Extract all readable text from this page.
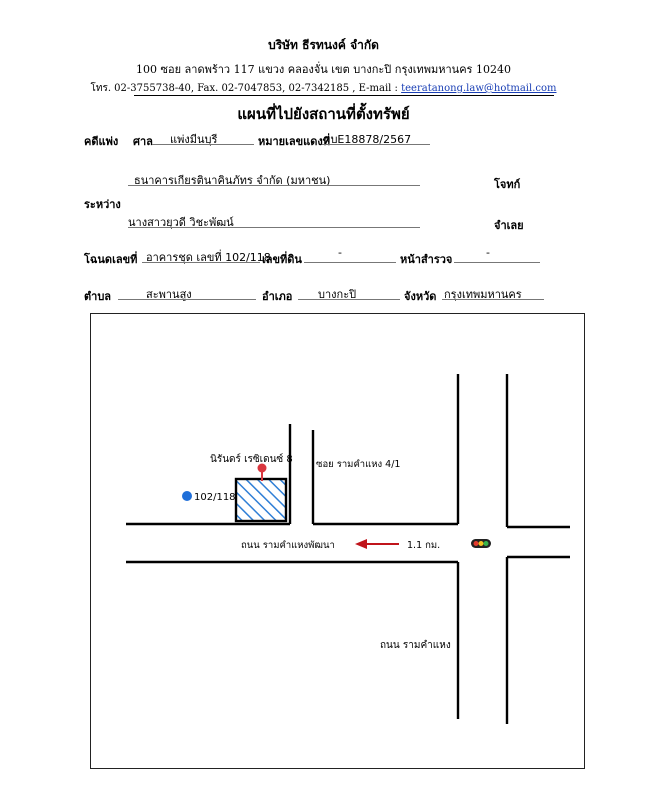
บริษัท ธีรทนงค์ จำกัด
100 ซอย ลาดพร้าว 117 แขวง คลองจั่น เขต บางกะปิ กรุงเทพมหานคร 10240
โทร. 02-3755738-40, Fax. 02-7047853, 02-7342185 , E-mail : teeratanong.law@hotmail.com
แผนที่ไปยังสถานที่ตั้งทรัพย์
คดีแพ่ง ศาล แพ่งมีนบุรี	หมายเลขแดงที่
ผบE18878/2567
ธนาคารเกียรตินาคินภัทร จำกัด (มหาชน)	โจทก์
ระหว่าง
นางสาวยุวดี วิชะพัฒน์	จำเลย
โฉนดเลขที่ อาคารชุด เลขที่ 102/118
เลขที่ดิน
-
หน้าสำรวจ
-
ตำบล	สะพานสูง	อำเภอ บางกะปิ	จังหวัด กรุงเทพมหานคร
นิรันดร์ เรซิเดนซ์ 8
102/118
ซอย รามคำแหง 4/1
ถนน รามคำแหงพัฒนา	1.1 กม.
ถนน รามคำแหง
